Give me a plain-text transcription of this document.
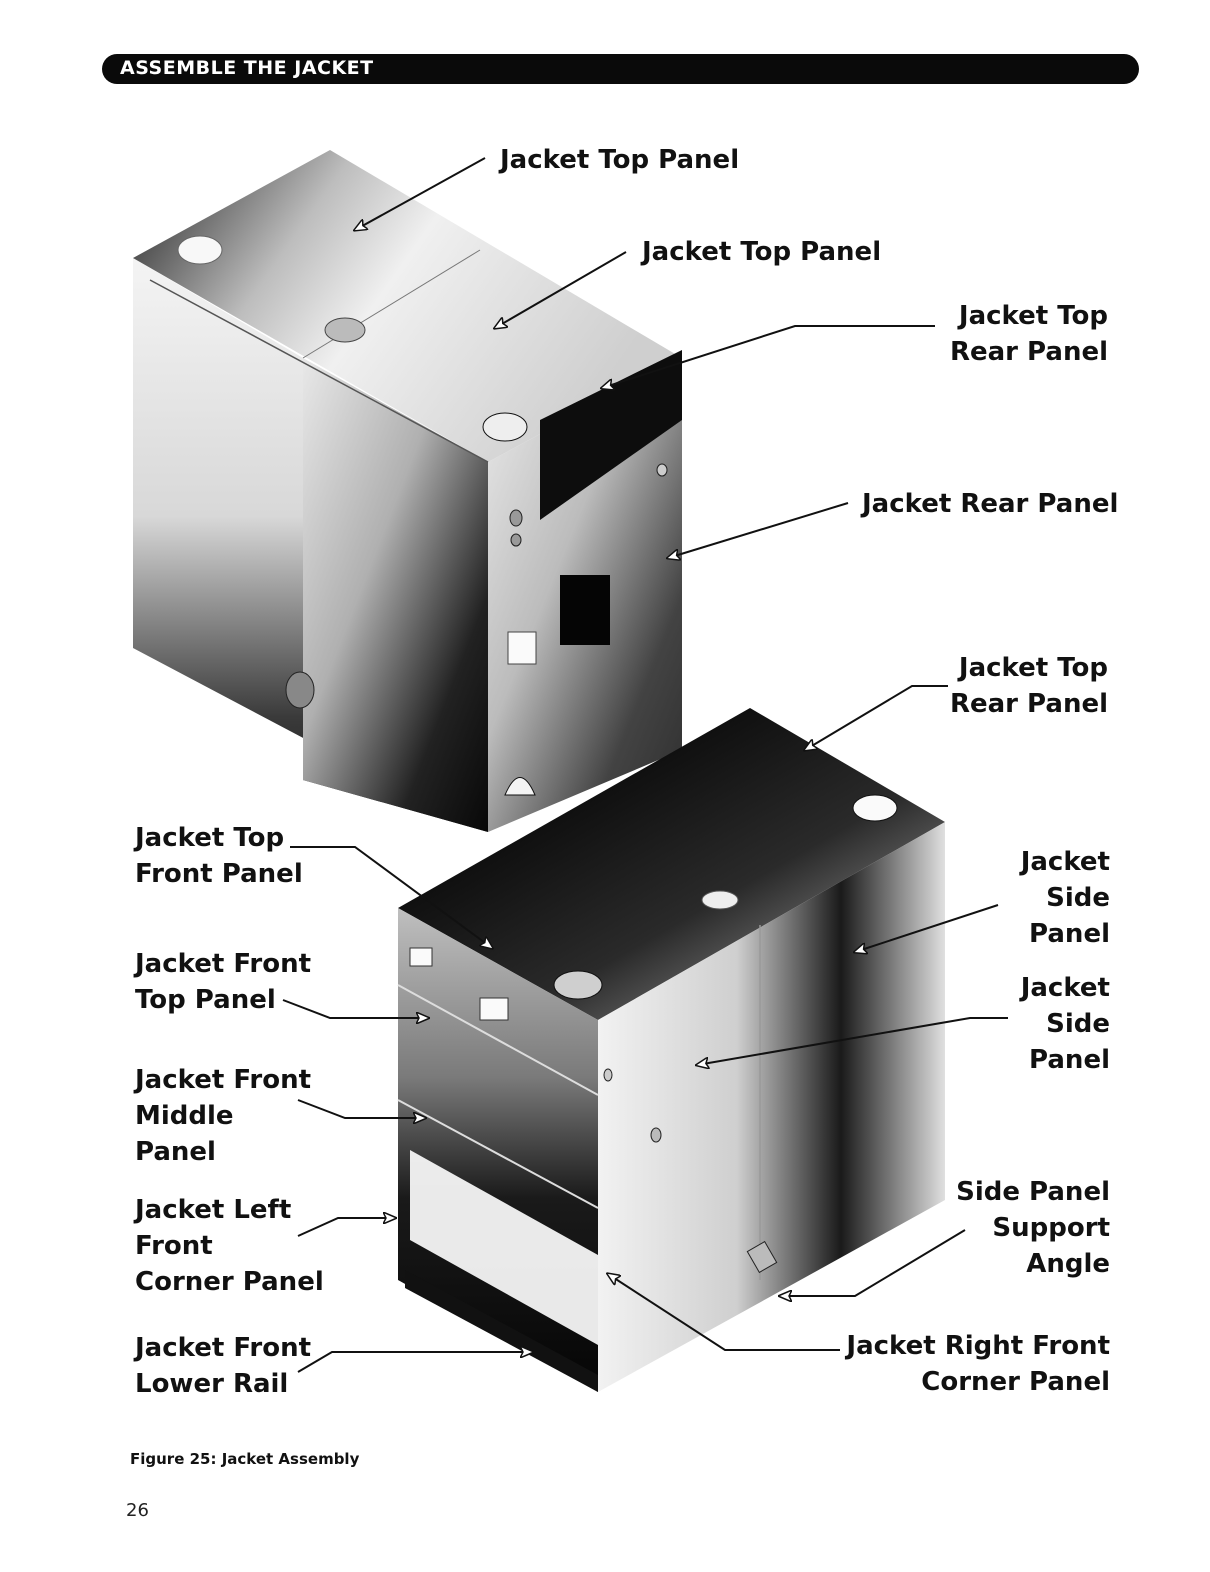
ASSEMBLE THE JACKET
Jacket Top Panel
Jacket Top Panel
Jacket Top
Rear Panel
Jacket Rear Panel
Jacket Top
Rear Panel
Jacket Top
Front Panel
Jacket Front
Top Panel
Jacket Front
Middle
Panel
Jacket Left
Front
Corner Panel
Jacket Front
Lower Rail
Jacket
Side
Panel
Jacket
Side
Panel
Side Panel
Support
Angle
Jacket Right Front
Corner Panel
Figure 25: Jacket Assembly
26
